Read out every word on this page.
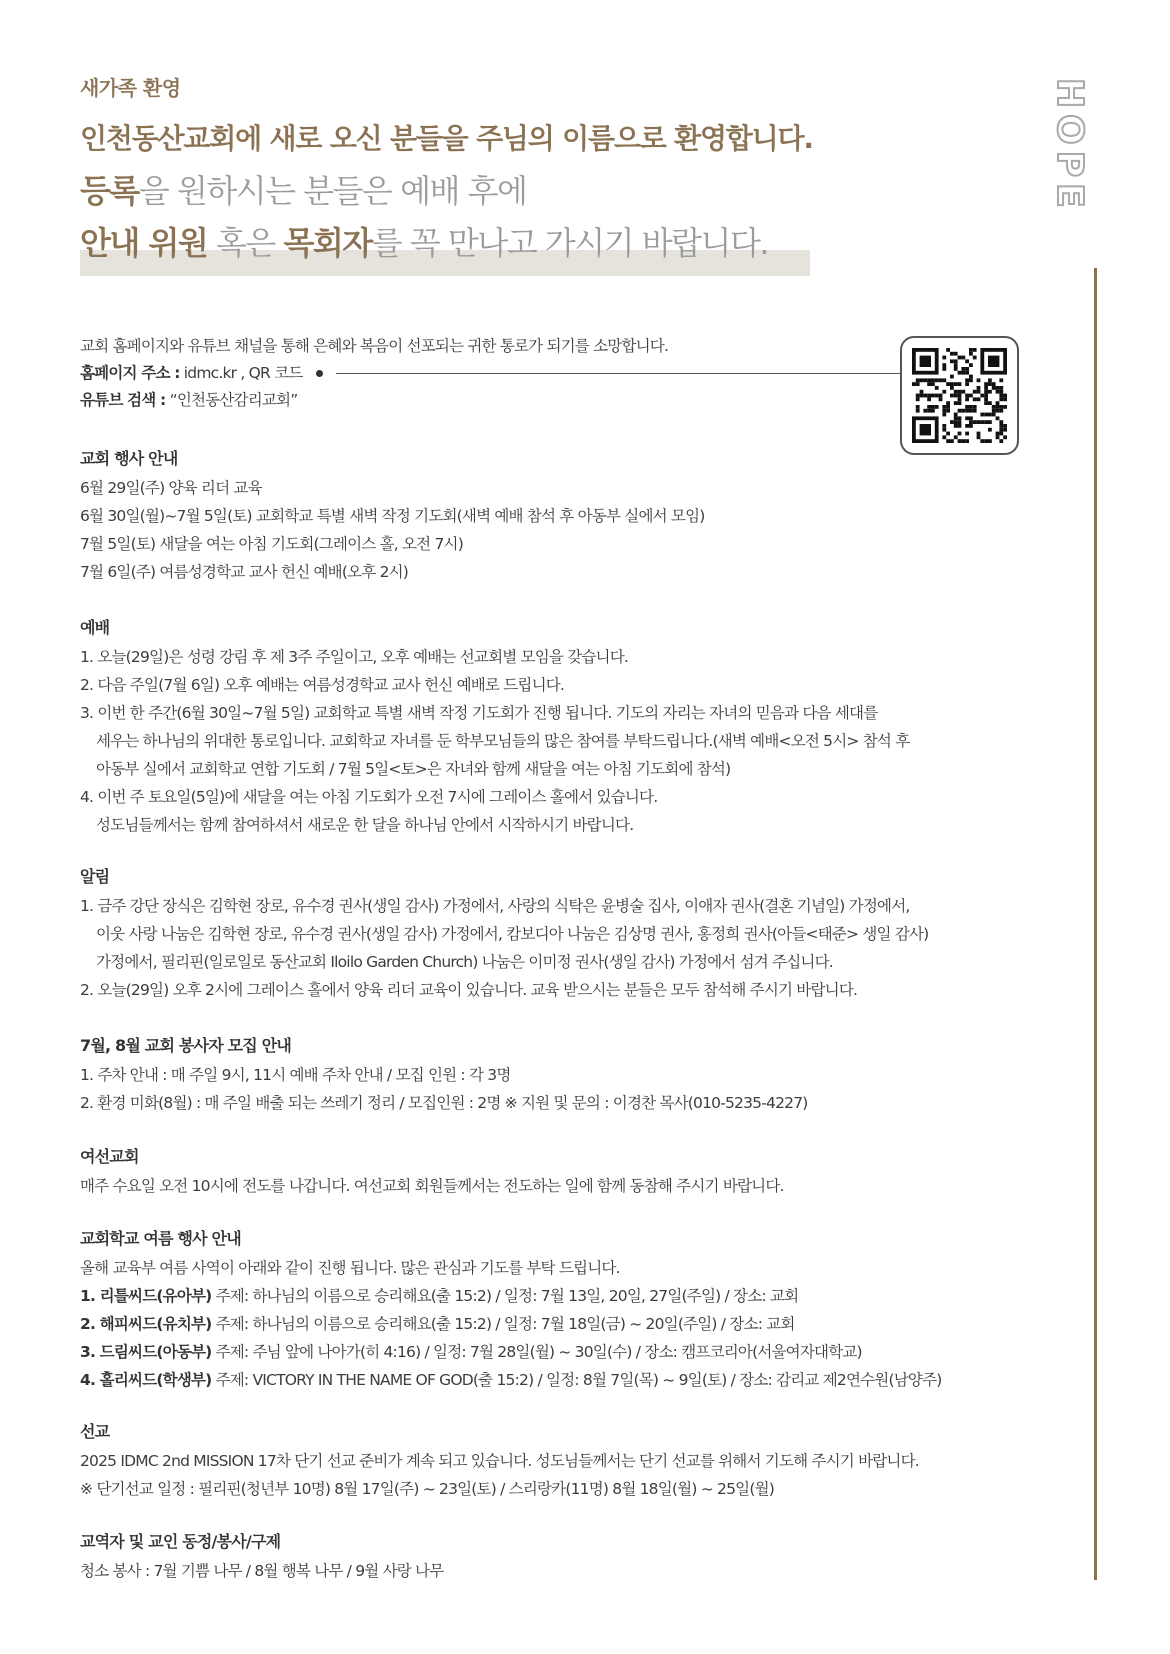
새가족 환영
인천동산교회에 새로 오신 분들을 주님의 이름으로 환영합니다.
등록을 원하시는 분들은 예배 후에
안내 위원 혹은 목회자를 꼭 만나고 가시기 바랍니다.
HOPE
교회 홈페이지와 유튜브 채널을 통해 은혜와 복음이 선포되는 귀한 통로가 되기를 소망합니다.
홈페이지 주소 : idmc.kr , QR 코드
유튜브 검색 : “인천동산감리교회”
교회 행사 안내

6월 29일(주) 양육 리더 교육

6월 30일(월)~7월 5일(토) 교회학교 특별 새벽 작정 기도회(새벽 예배 참석 후 아동부 실에서 모임)

7월 5일(토) 새달을 여는 아침 기도회(그레이스 홀, 오전 7시)

7월 6일(주) 여름성경학교 교사 헌신 예배(오후 2시)

예배

1. 오늘(29일)은 성령 강림 후 제 3주 주일이고, 오후 예배는 선교회별 모임을 갖습니다.

2. 다음 주일(7월 6일) 오후 예배는 여름성경학교 교사 헌신 예배로 드립니다.

3. 이번 한 주간(6월 30일~7월 5일) 교회학교 특별 새벽 작정 기도회가 진행 됩니다. 기도의 자리는 자녀의 믿음과 다음 세대를

세우는 하나님의 위대한 통로입니다. 교회학교 자녀를 둔 학부모님들의 많은 참여를 부탁드립니다.(새벽 예배<오전 5시> 참석 후

아동부 실에서 교회학교 연합 기도회 / 7월 5일<토>은 자녀와 함께 새달을 여는 아침 기도회에 참석)

4. 이번 주 토요일(5일)에 새달을 여는 아침 기도회가 오전 7시에 그레이스 홀에서 있습니다.

성도님들께서는 함께 참여하셔서 새로운 한 달을 하나님 안에서 시작하시기 바랍니다.

알림

1. 금주 강단 장식은 김학현 장로, 유수경 권사(생일 감사) 가정에서, 사랑의 식탁은 윤병술 집사, 이애자 권사(결혼 기념일) 가정에서,

이웃 사랑 나눔은 김학현 장로, 유수경 권사(생일 감사) 가정에서, 캄보디아 나눔은 김상명 권사, 홍정희 권사(아들<태준> 생일 감사)

가정에서, 필리핀(일로일로 동산교회 Iloilo Garden Church) 나눔은 이미정 권사(생일 감사) 가정에서 섬겨 주십니다.

2. 오늘(29일) 오후 2시에 그레이스 홀에서 양육 리더 교육이 있습니다. 교육 받으시는 분들은 모두 참석해 주시기 바랍니다.

7월, 8월 교회 봉사자 모집 안내

1. 주차 안내 : 매 주일 9시, 11시 예배 주차 안내 / 모집 인원 : 각 3명

2. 환경 미화(8월) : 매 주일 배출 되는 쓰레기 정리 / 모집인원 : 2명 ※ 지원 및 문의 : 이경찬 목사(010-5235-4227)

여선교회

매주 수요일 오전 10시에 전도를 나갑니다. 여선교회 회원들께서는 전도하는 일에 함께 동참해 주시기 바랍니다.

교회학교 여름 행사 안내

올해 교육부 여름 사역이 아래와 같이 진행 됩니다. 많은 관심과 기도를 부탁 드립니다.

1. 리틀씨드(유아부) 주제: 하나님의 이름으로 승리해요(출 15:2) / 일정: 7월 13일, 20일, 27일(주일) / 장소: 교회

2. 해피씨드(유치부) 주제: 하나님의 이름으로 승리해요(출 15:2) / 일정: 7월 18일(금) ~ 20일(주일) / 장소: 교회

3. 드림씨드(아동부) 주제: 주님 앞에 나아가(히 4:16) / 일정: 7월 28일(월) ~ 30일(수) / 장소: 캠프코리아(서울여자대학교)

4. 홀리씨드(학생부) 주제: VICTORY IN THE NAME OF GOD(출 15:2) / 일정: 8월 7일(목) ~ 9일(토) / 장소: 감리교 제2연수원(남양주)

선교

2025 IDMC 2nd MISSION 17차 단기 선교 준비가 계속 되고 있습니다. 성도님들께서는 단기 선교를 위해서 기도해 주시기 바랍니다.

※ 단기선교 일정 : 필리핀(청년부 10명) 8월 17일(주) ~ 23일(토) / 스리랑카(11명) 8월 18일(월) ~ 25일(월)

교역자 및 교인 동정/봉사/구제

청소 봉사 : 7월 기쁨 나무 / 8월 행복 나무 / 9월 사랑 나무
